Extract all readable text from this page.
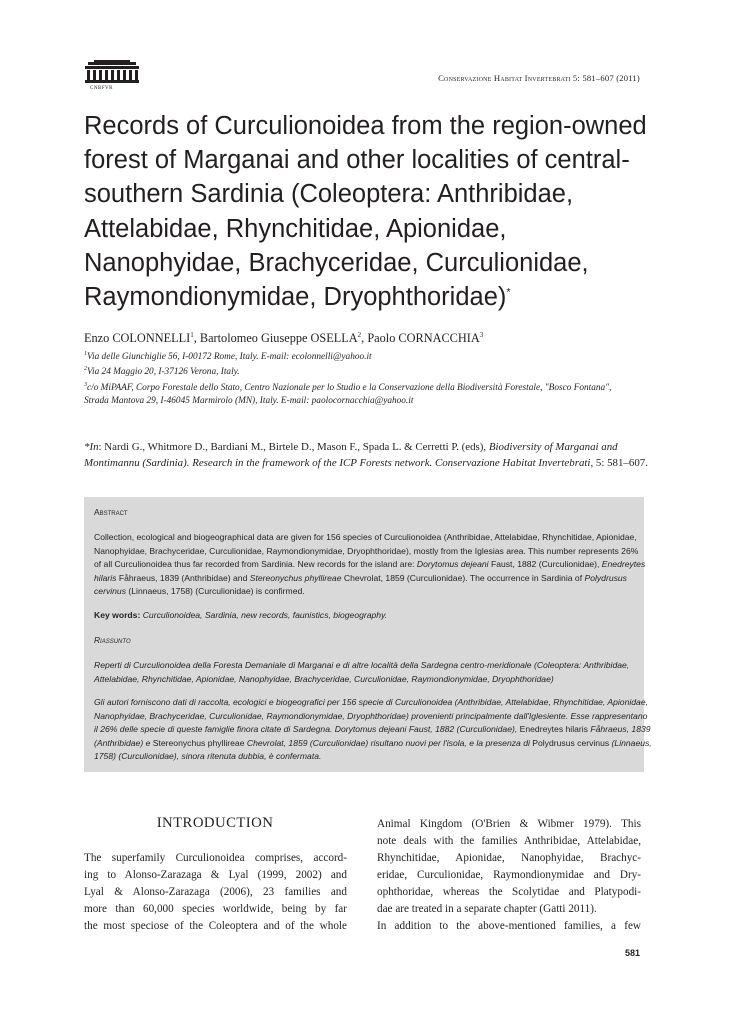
CNBFVR
Conservazione Habitat Invertebrati 5: 581–607 (2011)
Records of Curculionoidea from the region-owned
forest of Marganai and other localities of central-
southern Sardinia (Coleoptera: Anthribidae,
Attelabidae, Rhynchitidae, Apionidae,
Nanophyidae, Brachyceridae, Curculionidae,
Raymondionymidae, Dryophthoridae)*
Enzo COLONNELLI$^1$, Bartolomeo Giuseppe OSELLA$^2$, Paolo CORNACCHIA$^3$
$^1$Via delle Giunchiglie 56, I-00172 Rome, Italy. E-mail: ecolonnelli@yahoo.it
$^2$Via 24 Maggio 20, I-37126 Verona, Italy.
$^3$c/o MiPAAF, Corpo Forestale dello Stato, Centro Nazionale per lo Studio e la Conservazione della Biodiversità Forestale, "Bosco Fontana",
Strada Mantova 29, I-46045 Marmirolo (MN), Italy. E-mail: paolocornacchia@yahoo.it
*In: Nardi G., Whitmore D., Bardiani M., Birtele D., Mason F., Spada L. & Cerretti P. (eds), Biodiversity of Marganai and
Montimannu (Sardinia). Research in the framework of the ICP Forests network. Conservazione Habitat Invertebrati, 5: 581–607.
Abstract
Collection, ecological and biogeographical data are given for 156 species of Curculionoidea (Anthribidae, Attelabidae, Rhynchitidae, Apionidae,
Nanophyidae, Brachyceridae, Curculionidae, Raymondionymidae, Dryophthoridae), mostly from the Iglesias area. This number represents 26%
of all Curculionoidea thus far recorded from Sardinia. New records for the island are: Dorytomus dejeani Faust, 1882 (Curculionidae), Enedreytes
hilaris Fåhraeus, 1839 (Anthribidae) and Stereonychus phyllireae Chevrolat, 1859 (Curculionidae). The occurrence in Sardinia of Polydrusus
cervinus (Linnaeus, 1758) (Curculionidae) is confirmed.
Key words: Curculionoidea, Sardinia, new records, faunistics, biogeography.
Riassunto
Reperti di Curculionoidea della Foresta Demaniale di Marganai e di altre località della Sardegna centro-meridionale (Coleoptera: Anthribidae,
Attelabidae, Rhynchitidae, Apionidae, Nanophyidae, Brachyceridae, Curculionidae, Raymondionymidae, Dryophthoridae)
Gli autori forniscono dati di raccolta, ecologici e biogeografici per 156 specie di Curculionoidea (Anthribidae, Attelabidae, Rhynchitidae, Apionidae,
Nanophyidae, Brachyceridae, Curculionidae, Raymondionymidae, Dryophthoridae) provenienti principalmente dall'Iglesiente. Esse rappresentano
il 26% delle specie di queste famiglie finora citate di Sardegna. Dorytomus dejeani Faust, 1882 (Curculionidae), Enedreytes hilaris Fåhraeus, 1839
(Anthribidae) e Stereonychus phyllireae Chevrolat, 1859 (Curculionidae) risultano nuovi per l'isola, e la presenza di Polydrusus cervinus (Linnaeus,
1758) (Curculionidae), sinora ritenuta dubbia, è confermata.
INTRODUCTION
The superfamily Curculionoidea comprises, accord-
ing to Alonso-Zarazaga & Lyal (1999, 2002) and
Lyal & Alonso-Zarazaga (2006), 23 families and
more than 60,000 species worldwide, being by far
the most speciose of the Coleoptera and of the whole
Animal Kingdom (O'Brien & Wibmer 1979). This
note deals with the families Anthribidae, Attelabidae,
Rhynchitidae, Apionidae, Nanophyidae, Brachyc-
eridae, Curculionidae, Raymondionymidae and Dry-
ophthoridae, whereas the Scolytidae and Platypodi-
dae are treated in a separate chapter (Gatti 2011).
In addition to the above-mentioned families, a few
581
